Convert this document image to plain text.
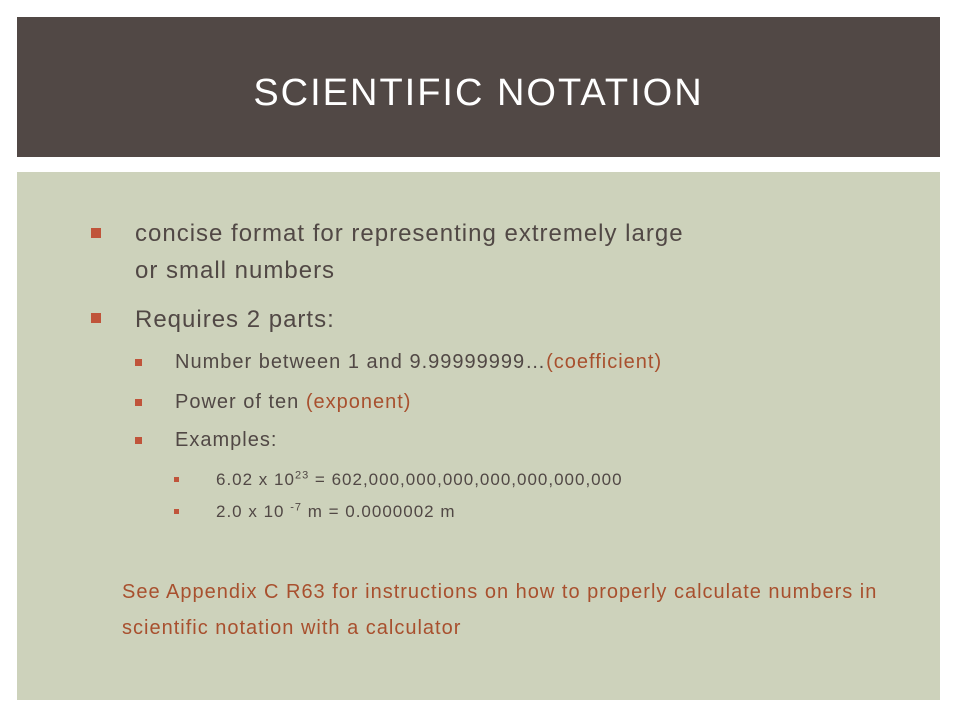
SCIENTIFIC NOTATION
concise format for representing extremely large
or small numbers
Requires 2 parts:
Number between 1 and 9.99999999…(coefficient)
Power of ten (exponent)
Examples:
6.02 x $10^{23} = 602,000,000,000,000,000,000,000$
2.0 x 10 $^{-7}$ m = 0.0000002 m
See Appendix C R63 for instructions on how to properly calculate numbers in scientific notation with a calculator
